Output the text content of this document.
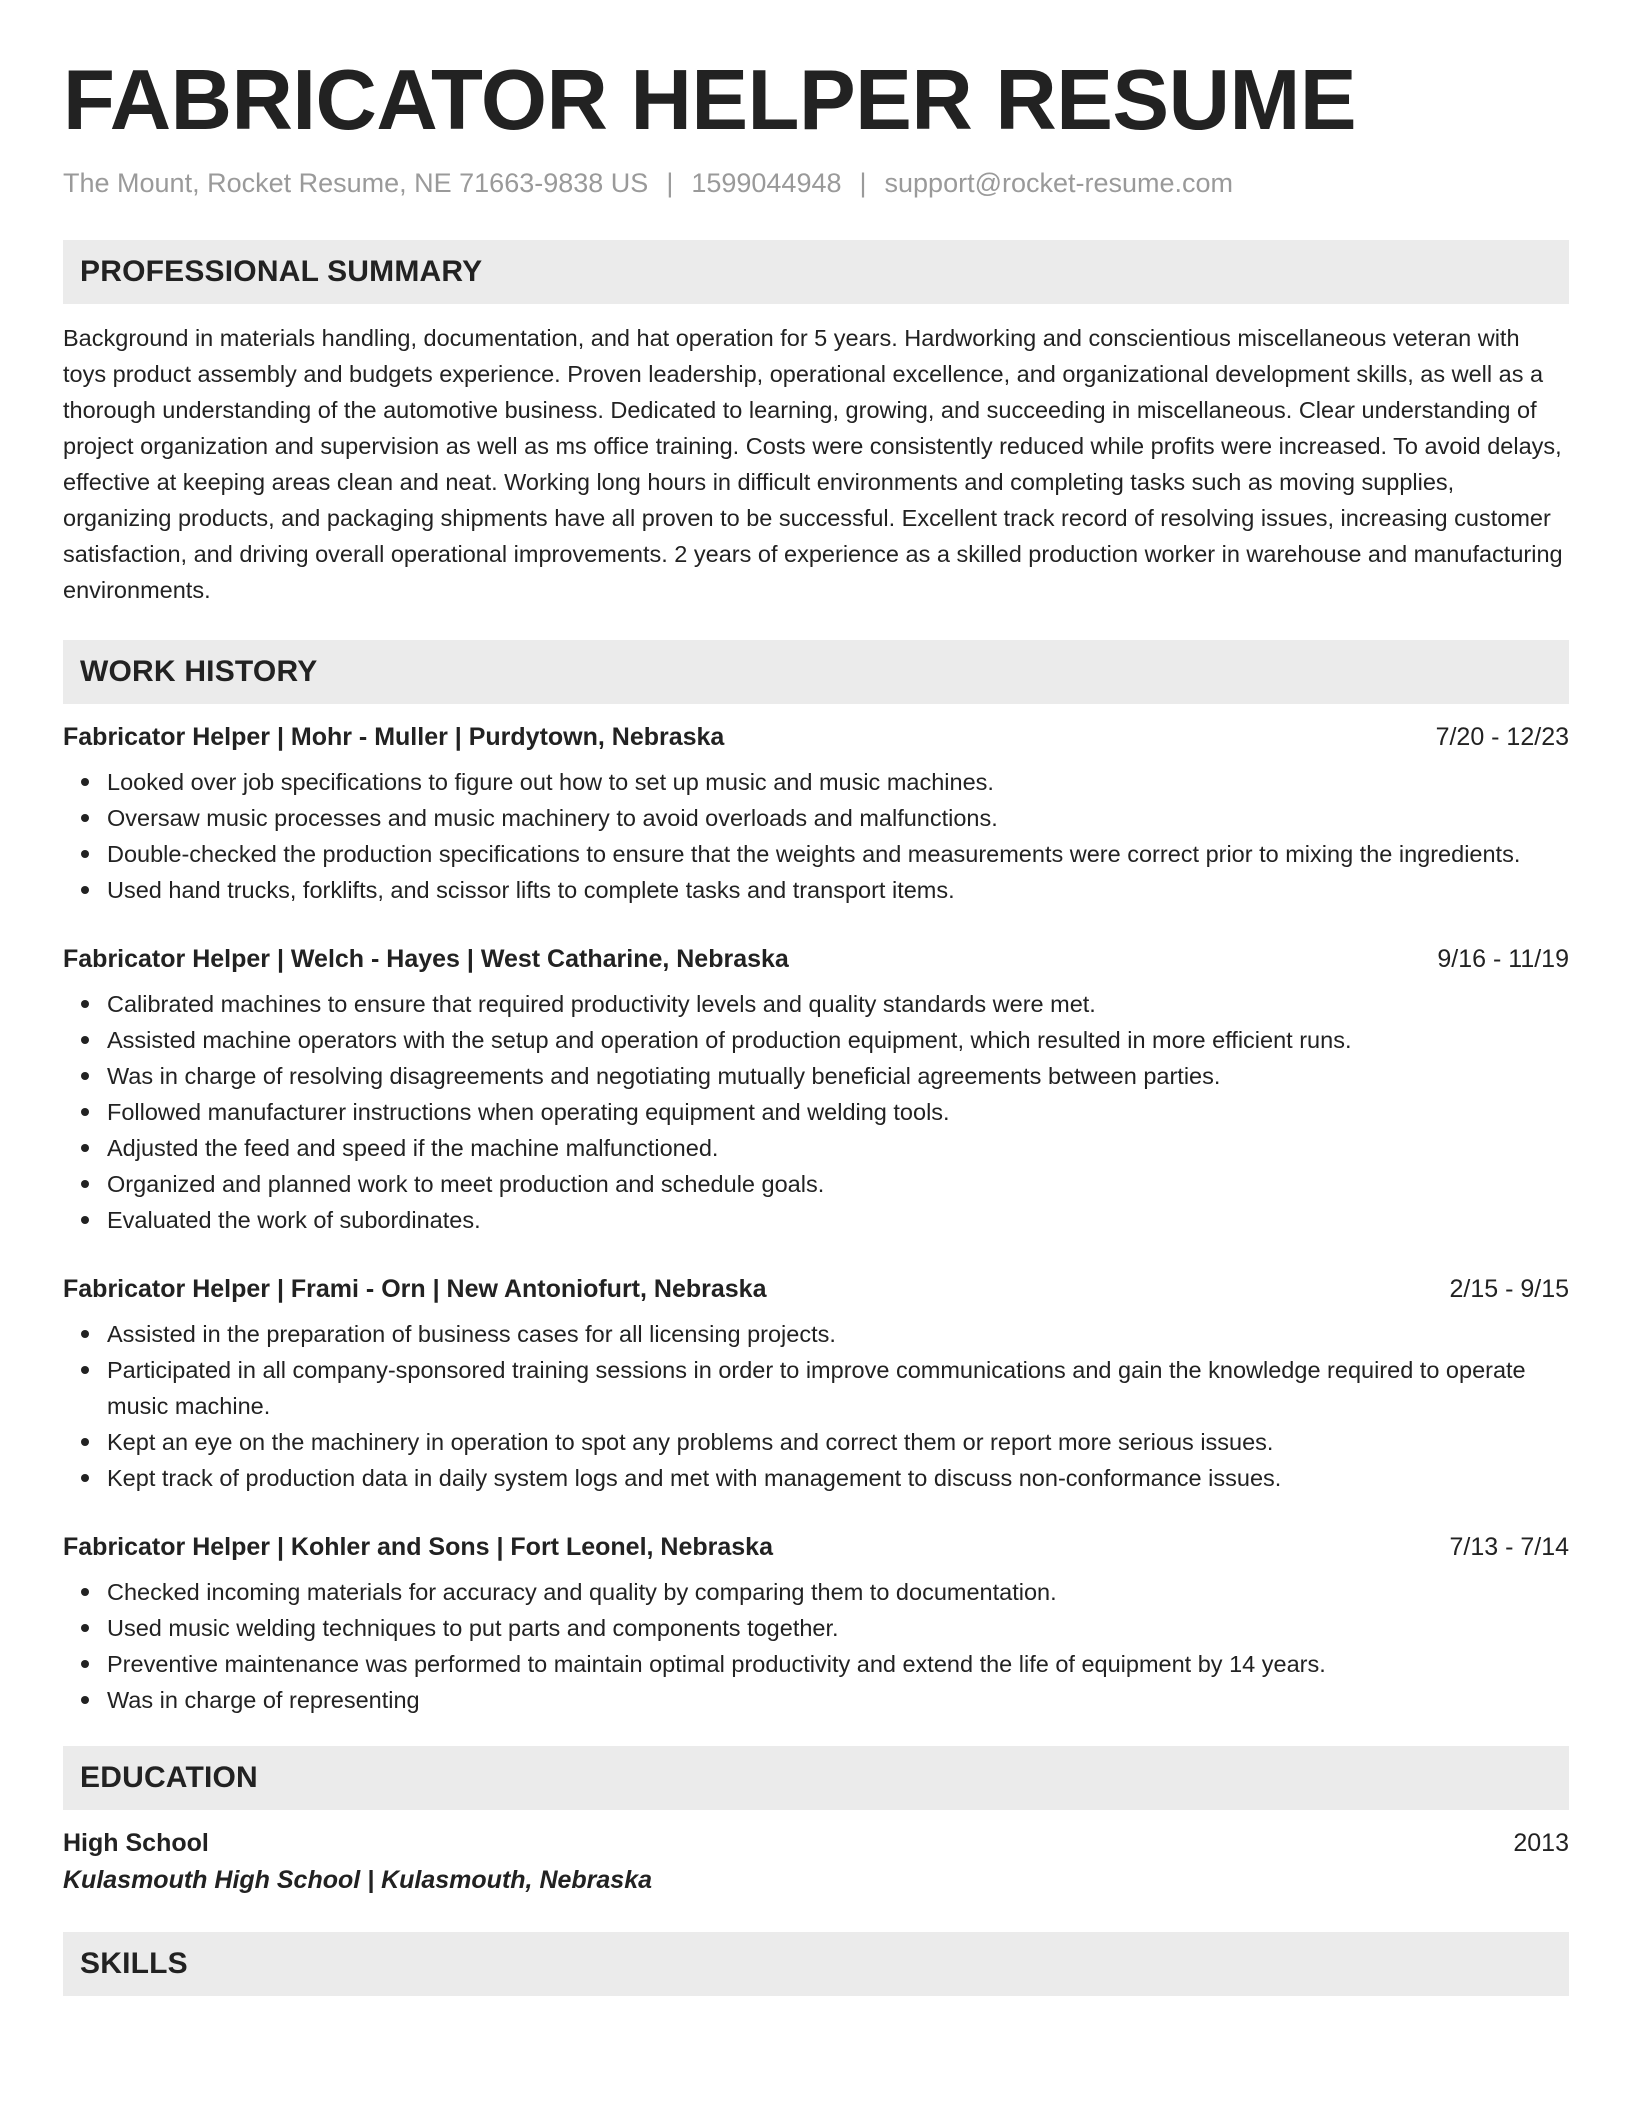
FABRICATOR HELPER RESUME
The Mount, Rocket Resume, NE 71663-9838 US | 1599044948 | support@rocket-resume.com
PROFESSIONAL SUMMARY

Background in materials handling, documentation, and hat operation for 5 years. Hardworking and conscientious miscellaneous veteran with toys product assembly and budgets experience. Proven leadership, operational excellence, and organizational development skills, as well as a thorough understanding of the automotive business. Dedicated to learning, growing, and succeeding in miscellaneous. Clear understanding of project organization and supervision as well as ms office training. Costs were consistently reduced while profits were increased. To avoid delays, effective at keeping areas clean and neat. Working long hours in difficult environments and completing tasks such as moving supplies, organizing products, and packaging shipments have all proven to be successful. Excellent track record of resolving issues, increasing customer satisfaction, and driving overall operational improvements. 2 years of experience as a skilled production worker in warehouse and manufacturing environments.

WORK HISTORY
Fabricator Helper | Mohr - Muller | Purdytown, Nebraska	7/20 - 12/23
Looked over job specifications to figure out how to set up music and music machines.
Oversaw music processes and music machinery to avoid overloads and malfunctions.
Double-checked the production specifications to ensure that the weights and measurements were correct prior to mixing the ingredients.
Used hand trucks, forklifts, and scissor lifts to complete tasks and transport items.
Fabricator Helper | Welch - Hayes | West Catharine, Nebraska	9/16 - 11/19
Calibrated machines to ensure that required productivity levels and quality standards were met.
Assisted machine operators with the setup and operation of production equipment, which resulted in more efficient runs.
Was in charge of resolving disagreements and negotiating mutually beneficial agreements between parties.
Followed manufacturer instructions when operating equipment and welding tools.
Adjusted the feed and speed if the machine malfunctioned.
Organized and planned work to meet production and schedule goals.
Evaluated the work of subordinates.
Fabricator Helper | Frami - Orn | New Antoniofurt, Nebraska	2/15 - 9/15
Assisted in the preparation of business cases for all licensing projects.
Participated in all company-sponsored training sessions in order to improve communications and gain the knowledge required to operate music machine.
Kept an eye on the machinery in operation to spot any problems and correct them or report more serious issues.
Kept track of production data in daily system logs and met with management to discuss non-conformance issues.
Fabricator Helper | Kohler and Sons | Fort Leonel, Nebraska	7/13 - 7/14
Checked incoming materials for accuracy and quality by comparing them to documentation.
Used music welding techniques to put parts and components together.
Preventive maintenance was performed to maintain optimal productivity and extend the life of equipment by 14 years.
Was in charge of representing
EDUCATION
High School	2013
Kulasmouth High School | Kulasmouth, Nebraska
SKILLS
